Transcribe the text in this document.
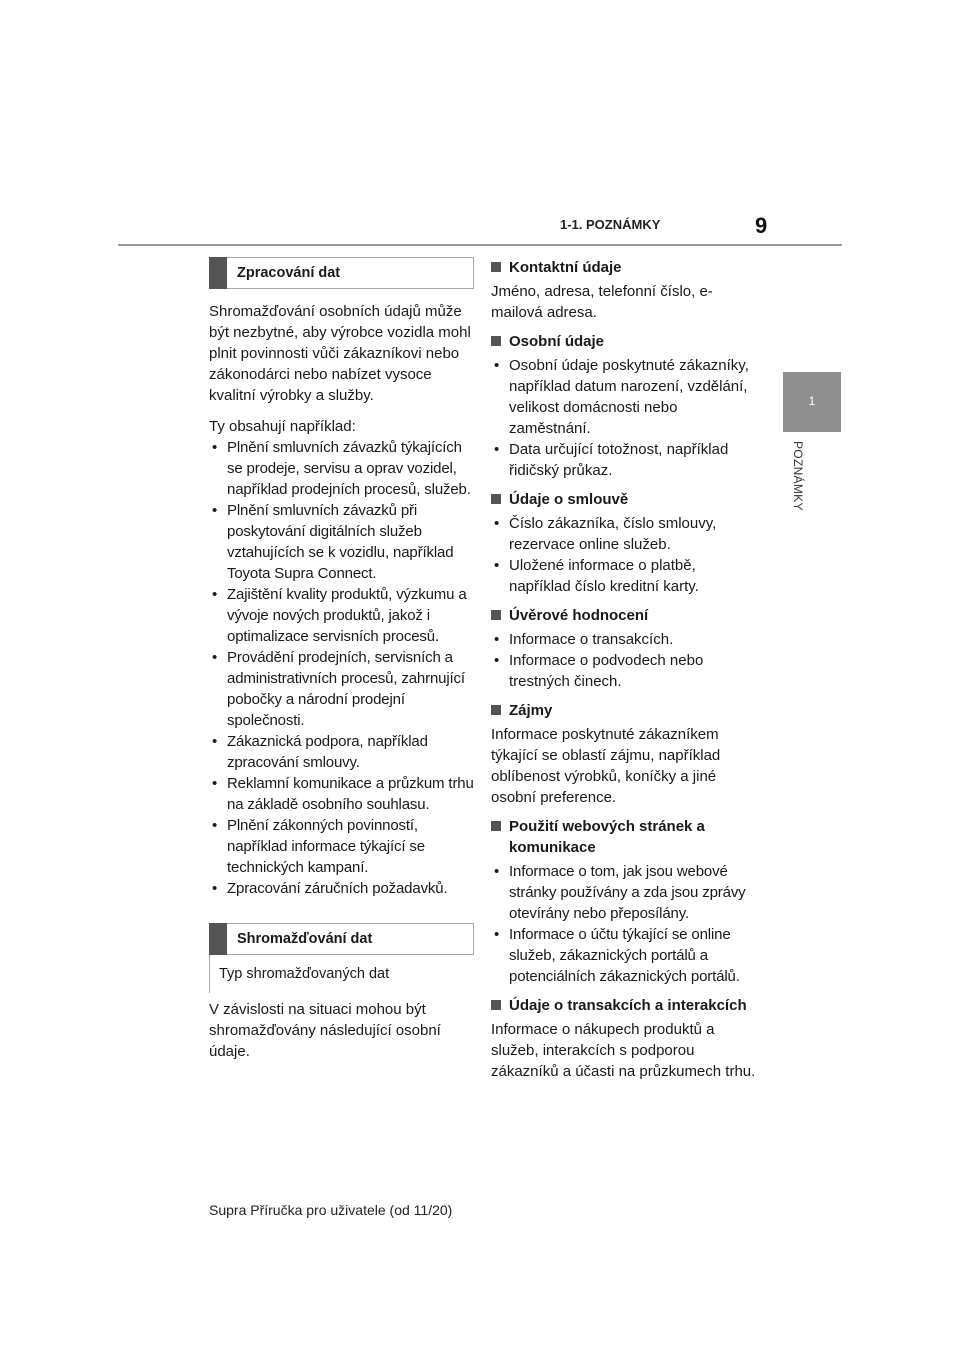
1-1. POZNÁMKY	9
1
POZNÁMKY
Zpracování dat

Shromažďování osobních údajů může být nezbytné, aby výrobce vozidla mohl plnit povinnosti vůči zákazníkovi nebo zákonodárci nebo nabízet vysoce kvalitní výrobky a služby.

Ty obsahují například:

• Plnění smluvních závazků týkajících se prodeje, servisu a oprav vozidel, například prodejních procesů, služeb.
• Plnění smluvních závazků při poskytování digitálních služeb vztahujících se k vozidlu, například Toyota Supra Connect.
• Zajištění kvality produktů, výzkumu a vývoje nových produktů, jakož i optimalizace servisních procesů.
• Provádění prodejních, servisních a administrativních procesů, zahrnující pobočky a národní prodejní společnosti.
• Zákaznická podpora, například zpracování smlouvy.
• Reklamní komunikace a průzkum trhu na základě osobního souhlasu.
• Plnění zákonných povinností, například informace týkající se technických kampaní.
• Zpracování záručních požadavků.
Shromažďování dat
Typ shromažďovaných dat

V závislosti na situaci mohou být shromažďovány následující osobní údaje.

Kontaktní údaje

Jméno, adresa, telefonní číslo, e-mailová adresa.

Osobní údaje
• Osobní údaje poskytnuté zákazníky, například datum narození, vzdělání, velikost domácnosti nebo zaměstnání.
• Data určující totožnost, například řidičský průkaz.
Údaje o smlouvě
• Číslo zákazníka, číslo smlouvy, rezervace online služeb.
• Uložené informace o platbě, například číslo kreditní karty.
Úvěrové hodnocení
• Informace o transakcích.
• Informace o podvodech nebo trestných činech.
Zájmy

Informace poskytnuté zákazníkem týkající se oblastí zájmu, například oblíbenost výrobků, koníčky a jiné osobní preference.

Použití webových stránek a komunikace
• Informace o tom, jak jsou webové stránky používány a zda jsou zprávy otevírány nebo přeposílány.
• Informace o účtu týkající se online služeb, zákaznických portálů a potenciálních zákaznických portálů.
Údaje o transakcích a interakcích

Informace o nákupech produktů a služeb, interakcích s podporou zákazníků a účasti na průzkumech trhu.

Supra Příručka pro uživatele (od 11/20)
